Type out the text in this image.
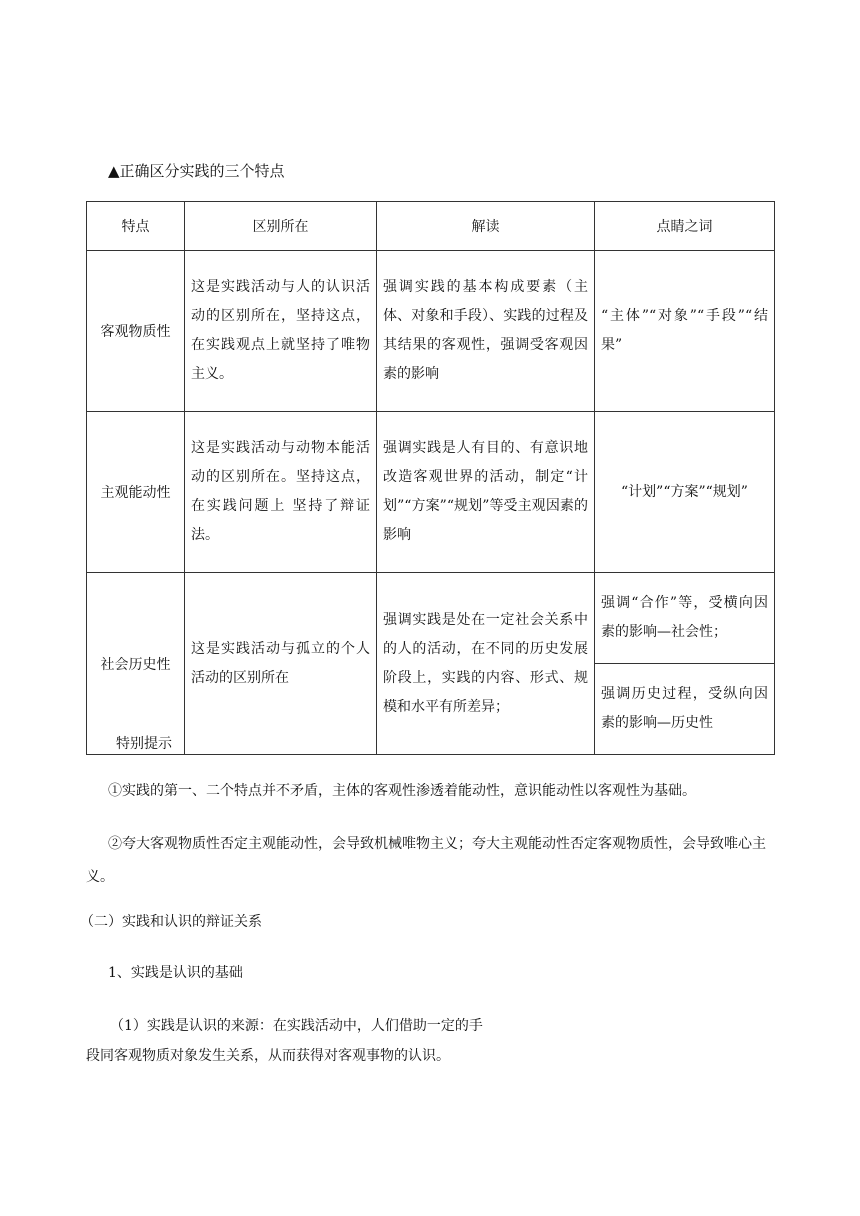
▲正确区分实践的三个特点
特点	区别所在	解读	点睛之词
客观物质性	这是实践活动与人的认识活动的区别所在，坚持这点，在实践观点上就坚持了唯物主义。	强调实践的基本构成要素（主体、对象和手段）、实践的过程及其结果的客观性，强调受客观因素的影响	“主体”“对象”“手段”“结果”
主观能动性	这是实践活动与动物本能活动的区别所在。坚持这点，在实践问题上 坚持了辩证法。	强调实践是人有目的、有意识地改造客观世界的活动，制定“计划”“方案”“规划”等受主观因素的影响	“计划”“方案”“规划”
社会历史性	这是实践活动与孤立的个人活动的区别所在	强调实践是处在一定社会关系中的人的活动，在不同的历史发展阶段上，实践的内容、形式、规模和水平有所差异；	强调“合作”等，受横向因素的影响—社会性；
			强调历史过程，受纵向因素的影响—历史性
特别提示
①实践的第一、二个特点并不矛盾，主体的客观性渗透着能动性，意识能动性以客观性为基础。
②夸大客观物质性否定主观能动性，会导致机械唯物主义；夸大主观能动性否定客观物质性，会导致唯心主义。
（二）实践和认识的辩证关系
1、实践是认识的基础
（1）实践是认识的来源：在实践活动中，人们借助一定的手
段同客观物质对象发生关系，从而获得对客观事物的认识。
